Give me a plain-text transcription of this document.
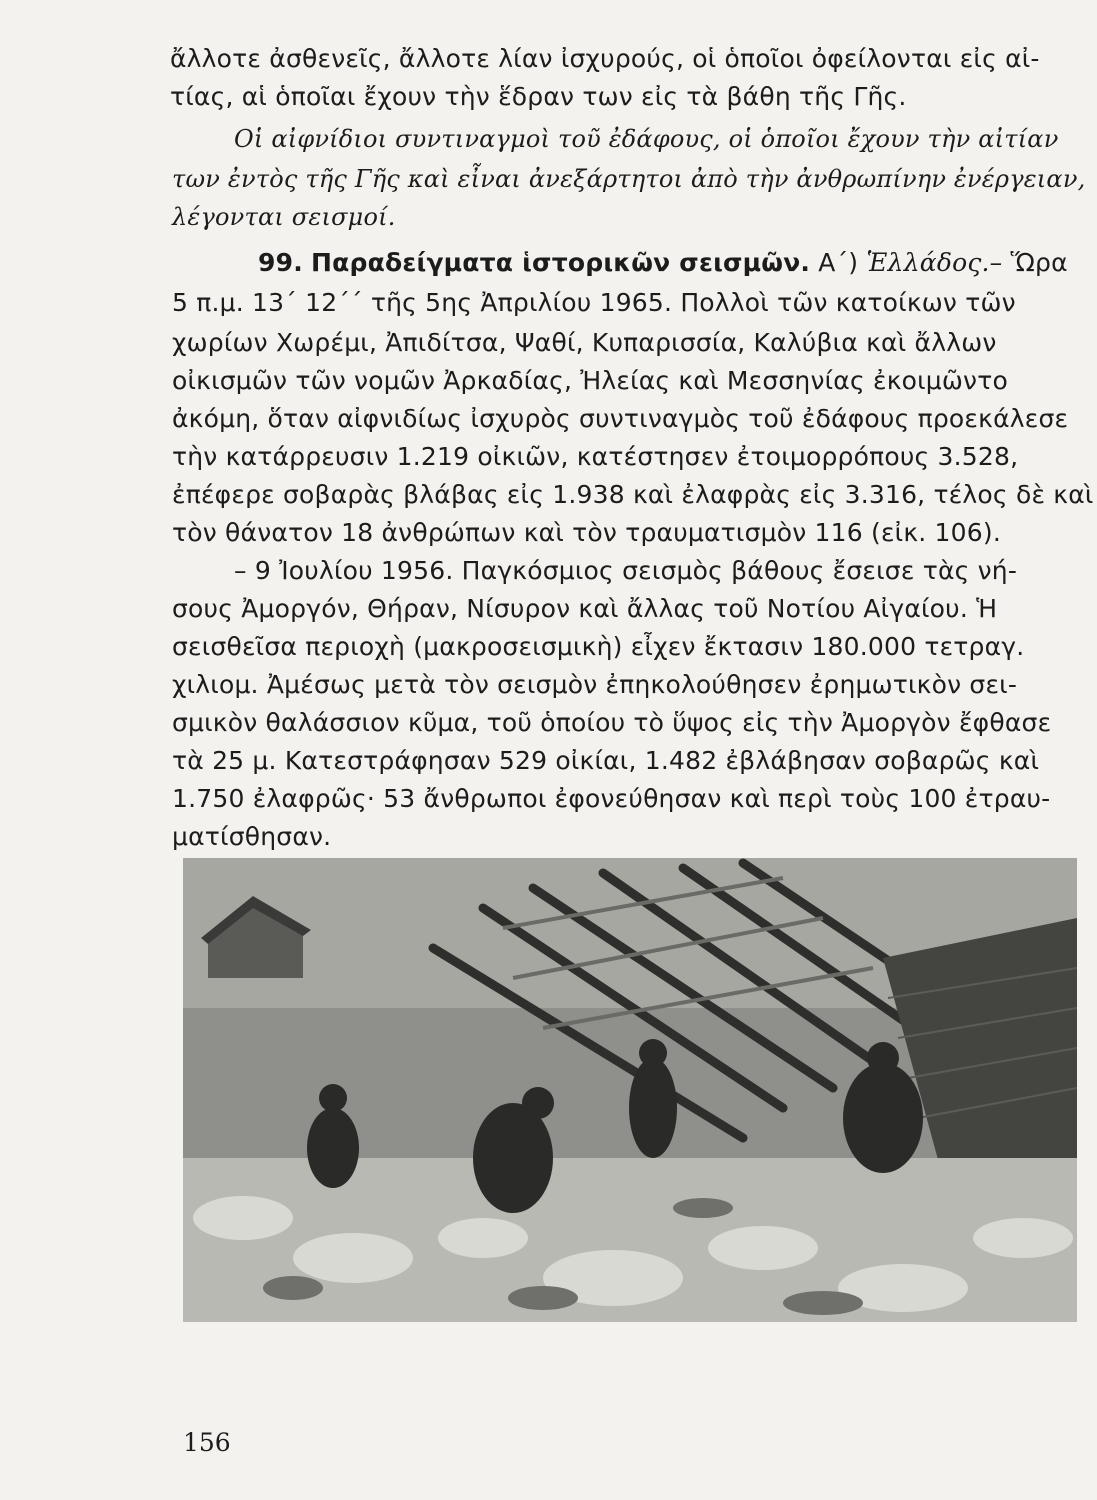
ἄλλοτε ἀσθενεῖς, ἄλλοτε λίαν ἰσχυρούς, οἱ ὁποῖοι ὀφείλονται εἰς αἰ-
τίας, αἱ ὁποῖαι ἔχουν τὴν ἕδραν των εἰς τὰ βάθη τῆς Γῆς.
Οἱ αἰφνίδιοι συντιναγμοὶ τοῦ ἐδάφους, οἱ ὁποῖοι ἔχουν τὴν αἰτίαν
των ἐντὸς τῆς Γῆς καὶ εἶναι ἀνεξάρτητοι ἀπὸ τὴν ἀνθρωπίνην ἐνέργειαν,
λέγονται σεισμοί.
99. Παραδείγματα ἱστορικῶν σεισμῶν. Α΄) Ἑλλάδος.– Ὥρα
5 π.μ. 13΄ 12΄΄ τῆς 5ης Ἀπριλίου 1965. Πολλοὶ τῶν κατοίκων τῶν
χωρίων Χωρέμι, Ἀπιδίτσα, Ψαθί, Κυπαρισσία, Καλύβια καὶ ἄλλων
οἰκισμῶν τῶν νομῶν Ἀρκαδίας, Ἠλείας καὶ Μεσσηνίας ἐκοιμῶντο
ἀκόμη, ὅταν αἰφνιδίως ἰσχυρὸς συντιναγμὸς τοῦ ἐδάφους προεκάλεσε
τὴν κατάρρευσιν 1.219 οἰκιῶν, κατέστησεν ἐτοιμορρόπους 3.528,
ἐπέφερε σοβαρὰς βλάβας εἰς 1.938 καὶ ἐλαφρὰς εἰς 3.316, τέλος δὲ καὶ
τὸν θάνατον 18 ἀνθρώπων καὶ τὸν τραυματισμὸν 116 (εἰκ. 106).
– 9 Ἰουλίου 1956. Παγκόσμιος σεισμὸς βάθους ἔσεισε τὰς νή-
σους Ἀμοργόν, Θήραν, Νίσυρον καὶ ἄλλας τοῦ Νοτίου Αἰγαίου. Ἡ
σεισθεῖσα περιοχὴ (μακροσεισμικὴ) εἶχεν ἔκτασιν 180.000 τετραγ.
χιλιομ. Ἀμέσως μετὰ τὸν σεισμὸν ἐπηκολούθησεν ἐρημωτικὸν σει-
σμικὸν θαλάσσιον κῦμα, τοῦ ὁποίου τὸ ὕψος εἰς τὴν Ἀμοργὸν ἔφθασε
τὰ 25 μ. Κατεστράφησαν 529 οἰκίαι, 1.482 ἐβλάβησαν σοβαρῶς καὶ
1.750 ἐλαφρῶς· 53 ἄνθρωποι ἐφονεύθησαν καὶ περὶ τοὺς 100 ἐτραυ-
ματίσθησαν.
156
